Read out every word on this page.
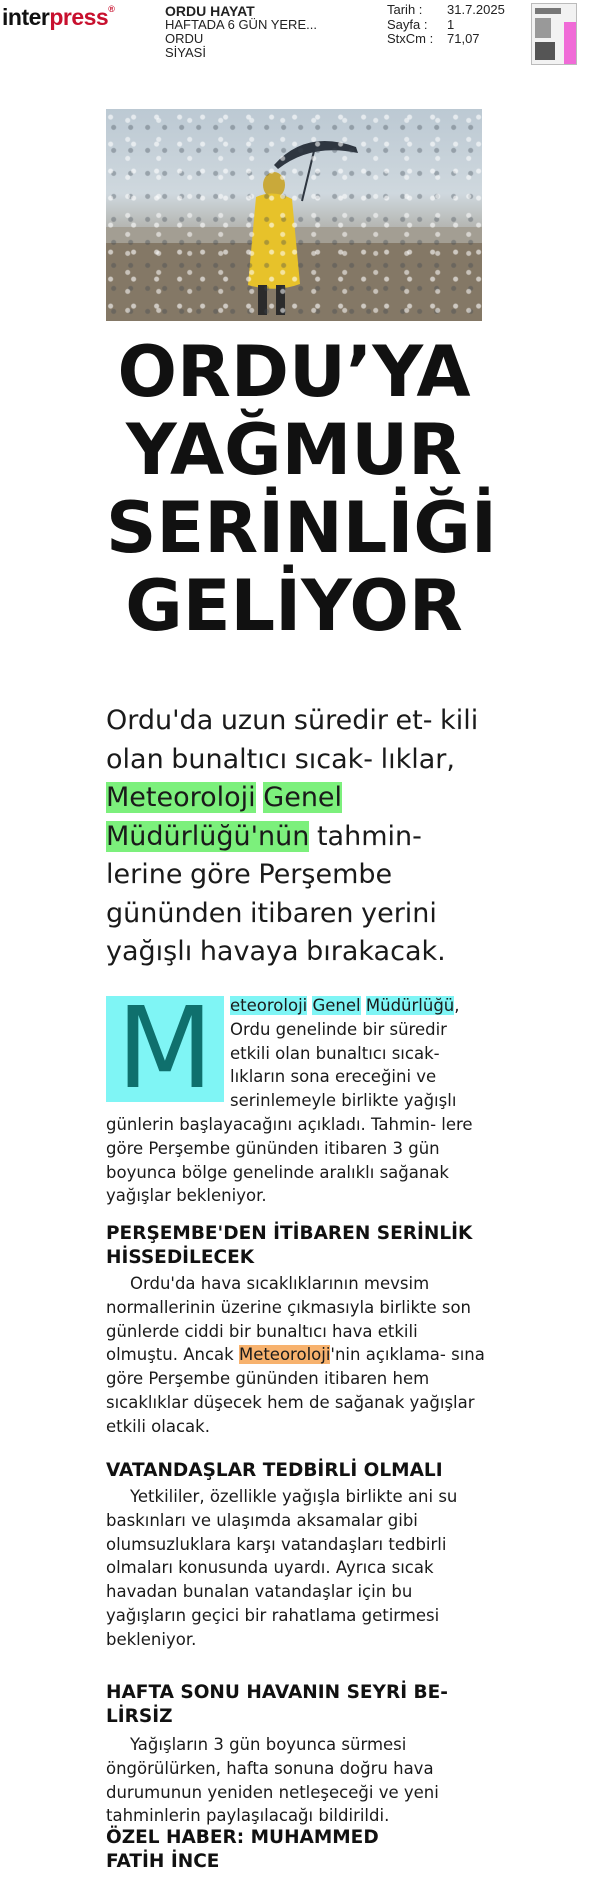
interpress®	ORDU HAYAT
HAFTADA 6 GÜN YERE...
ORDU
SİYASİ
Tarih :	31.7.2025
Sayfa :	1
StxCm :	71,07
ORDU’YA
YAĞMUR
SERİNLİĞİ
GELİYOR
Ordu'da uzun süredir et- kili olan bunaltıcı sıcak- lıklar, Meteoroloji Genel Müdürlüğü'nün tahmin- lerine göre Perşembe gününden itibaren yerini yağışlı havaya bırakacak.
M	eteoroloji Genel Müdürlüğü, Ordu genelinde bir süredir etkili olan bunaltıcı sıcak- lıkların sona ereceğini ve serinlemeyle birlikte yağışlı günlerin başlayacağını açıkladı. Tahmin- lere göre Perşembe gününden itibaren 3 gün boyunca bölge genelinde aralıklı sağanak yağışlar bekleniyor.
PERŞEMBE'DEN İTİBAREN SERİNLİK HİSSEDİLECEK
Ordu'da hava sıcaklıklarının mevsim normallerinin üzerine çıkmasıyla birlikte son günlerde ciddi bir bunaltıcı hava etkili olmuştu. Ancak Meteoroloji'nin açıklama- sına göre Perşembe gününden itibaren hem sıcaklıklar düşecek hem de sağanak yağışlar etkili olacak.
VATANDAŞLAR TEDBİRLİ OLMALI
Yetkililer, özellikle yağışla birlikte ani su baskınları ve ulaşımda aksamalar gibi olumsuzluklara karşı vatandaşları tedbirli olmaları konusunda uyardı. Ayrıca sıcak havadan bunalan vatandaşlar için bu yağışların geçici bir rahatlama getirmesi bekleniyor.
HAFTA SONU HAVANIN SEYRİ BE- LİRSİZ
Yağışların 3 gün boyunca sürmesi öngörülürken, hafta sonuna doğru hava durumunun yeniden netleşeceği ve yeni tahminlerin paylaşılacağı bildirildi.
ÖZEL HABER: MUHAMMED FATİH İNCE
